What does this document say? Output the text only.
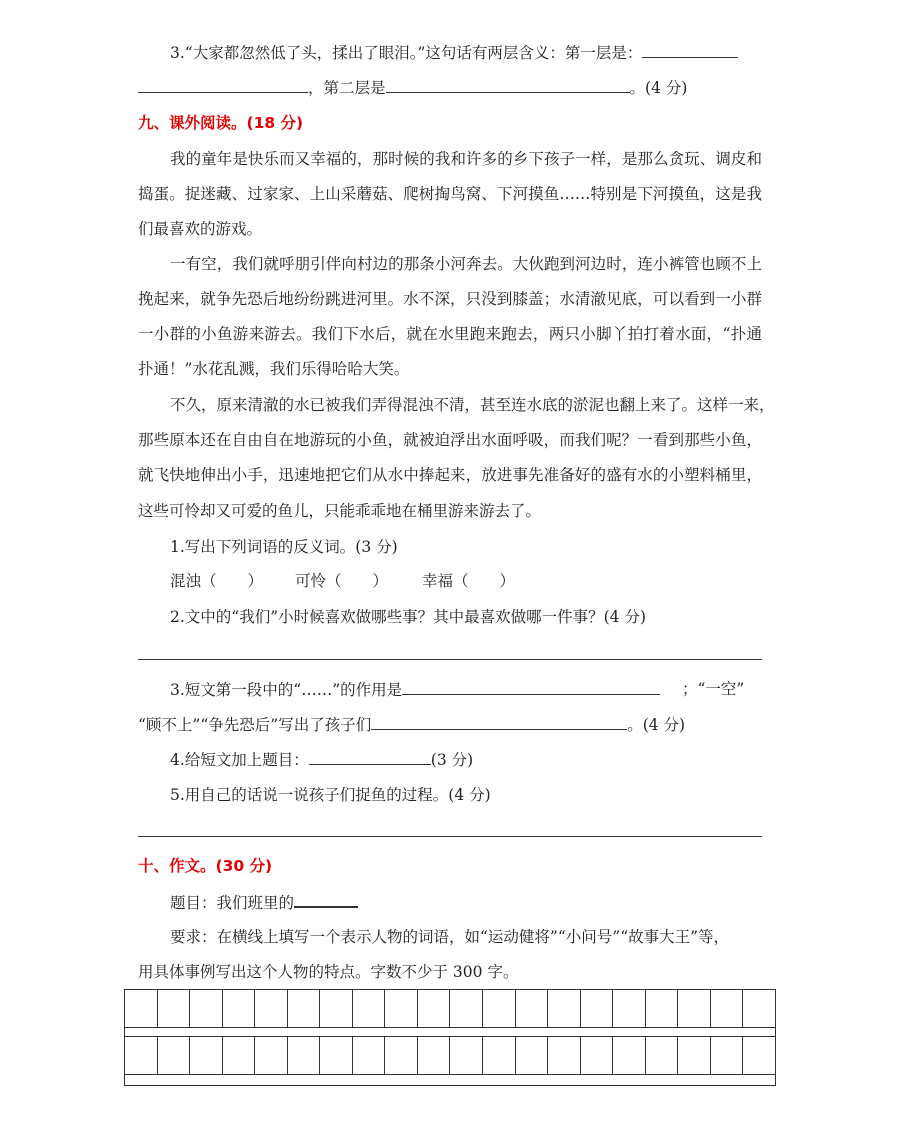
3.“大家都忽然低了头，揉出了眼泪。”这句话有两层含义：第一层是：
，第二层是	。(4 分)
九、课外阅读。(18 分)
我的童年是快乐而又幸福的，那时候的我和许多的乡下孩子一样，是那么贪玩、调皮和
捣蛋。捉迷藏、过家家、上山采蘑菇、爬树掏鸟窝、下河摸鱼……特别是下河摸鱼，这是我
们最喜欢的游戏。
一有空，我们就呼朋引伴向村边的那条小河奔去。大伙跑到河边时，连小裤管也顾不上
挽起来，就争先恐后地纷纷跳进河里。水不深，只没到膝盖；水清澈见底，可以看到一小群
一小群的小鱼游来游去。我们下水后，就在水里跑来跑去，两只小脚丫拍打着水面，“扑通
扑通！”水花乱溅，我们乐得哈哈大笑。
不久，原来清澈的水已被我们弄得混浊不清，甚至连水底的淤泥也翻上来了。这样一来，
那些原本还在自由自在地游玩的小鱼，就被迫浮出水面呼吸，而我们呢？一看到那些小鱼，
就飞快地伸出小手，迅速地把它们从水中捧起来，放进事先准备好的盛有水的小塑料桶里，
这些可怜却又可爱的鱼儿，只能乖乖地在桶里游来游去了。
1.写出下列词语的反义词。(3 分)
混浊（　　） 可怜（　　） 幸福（　　）
2.文中的“我们”小时候喜欢做哪些事？其中最喜欢做哪一件事？(4 分)
3.短文第一段中的“……”的作用是	；“一空”
“顾不上”“争先恐后”写出了孩子们	。(4 分)
4.给短文加上题目：	(3 分)
5.用自己的话说一说孩子们捉鱼的过程。(4 分)
十、作文。(30 分)
题目：我们班里的
要求：在横线上填写一个表示人物的词语，如“运动健将”“小问号”“故事大王”等，
用具体事例写出这个人物的特点。字数不少于 300 字。
